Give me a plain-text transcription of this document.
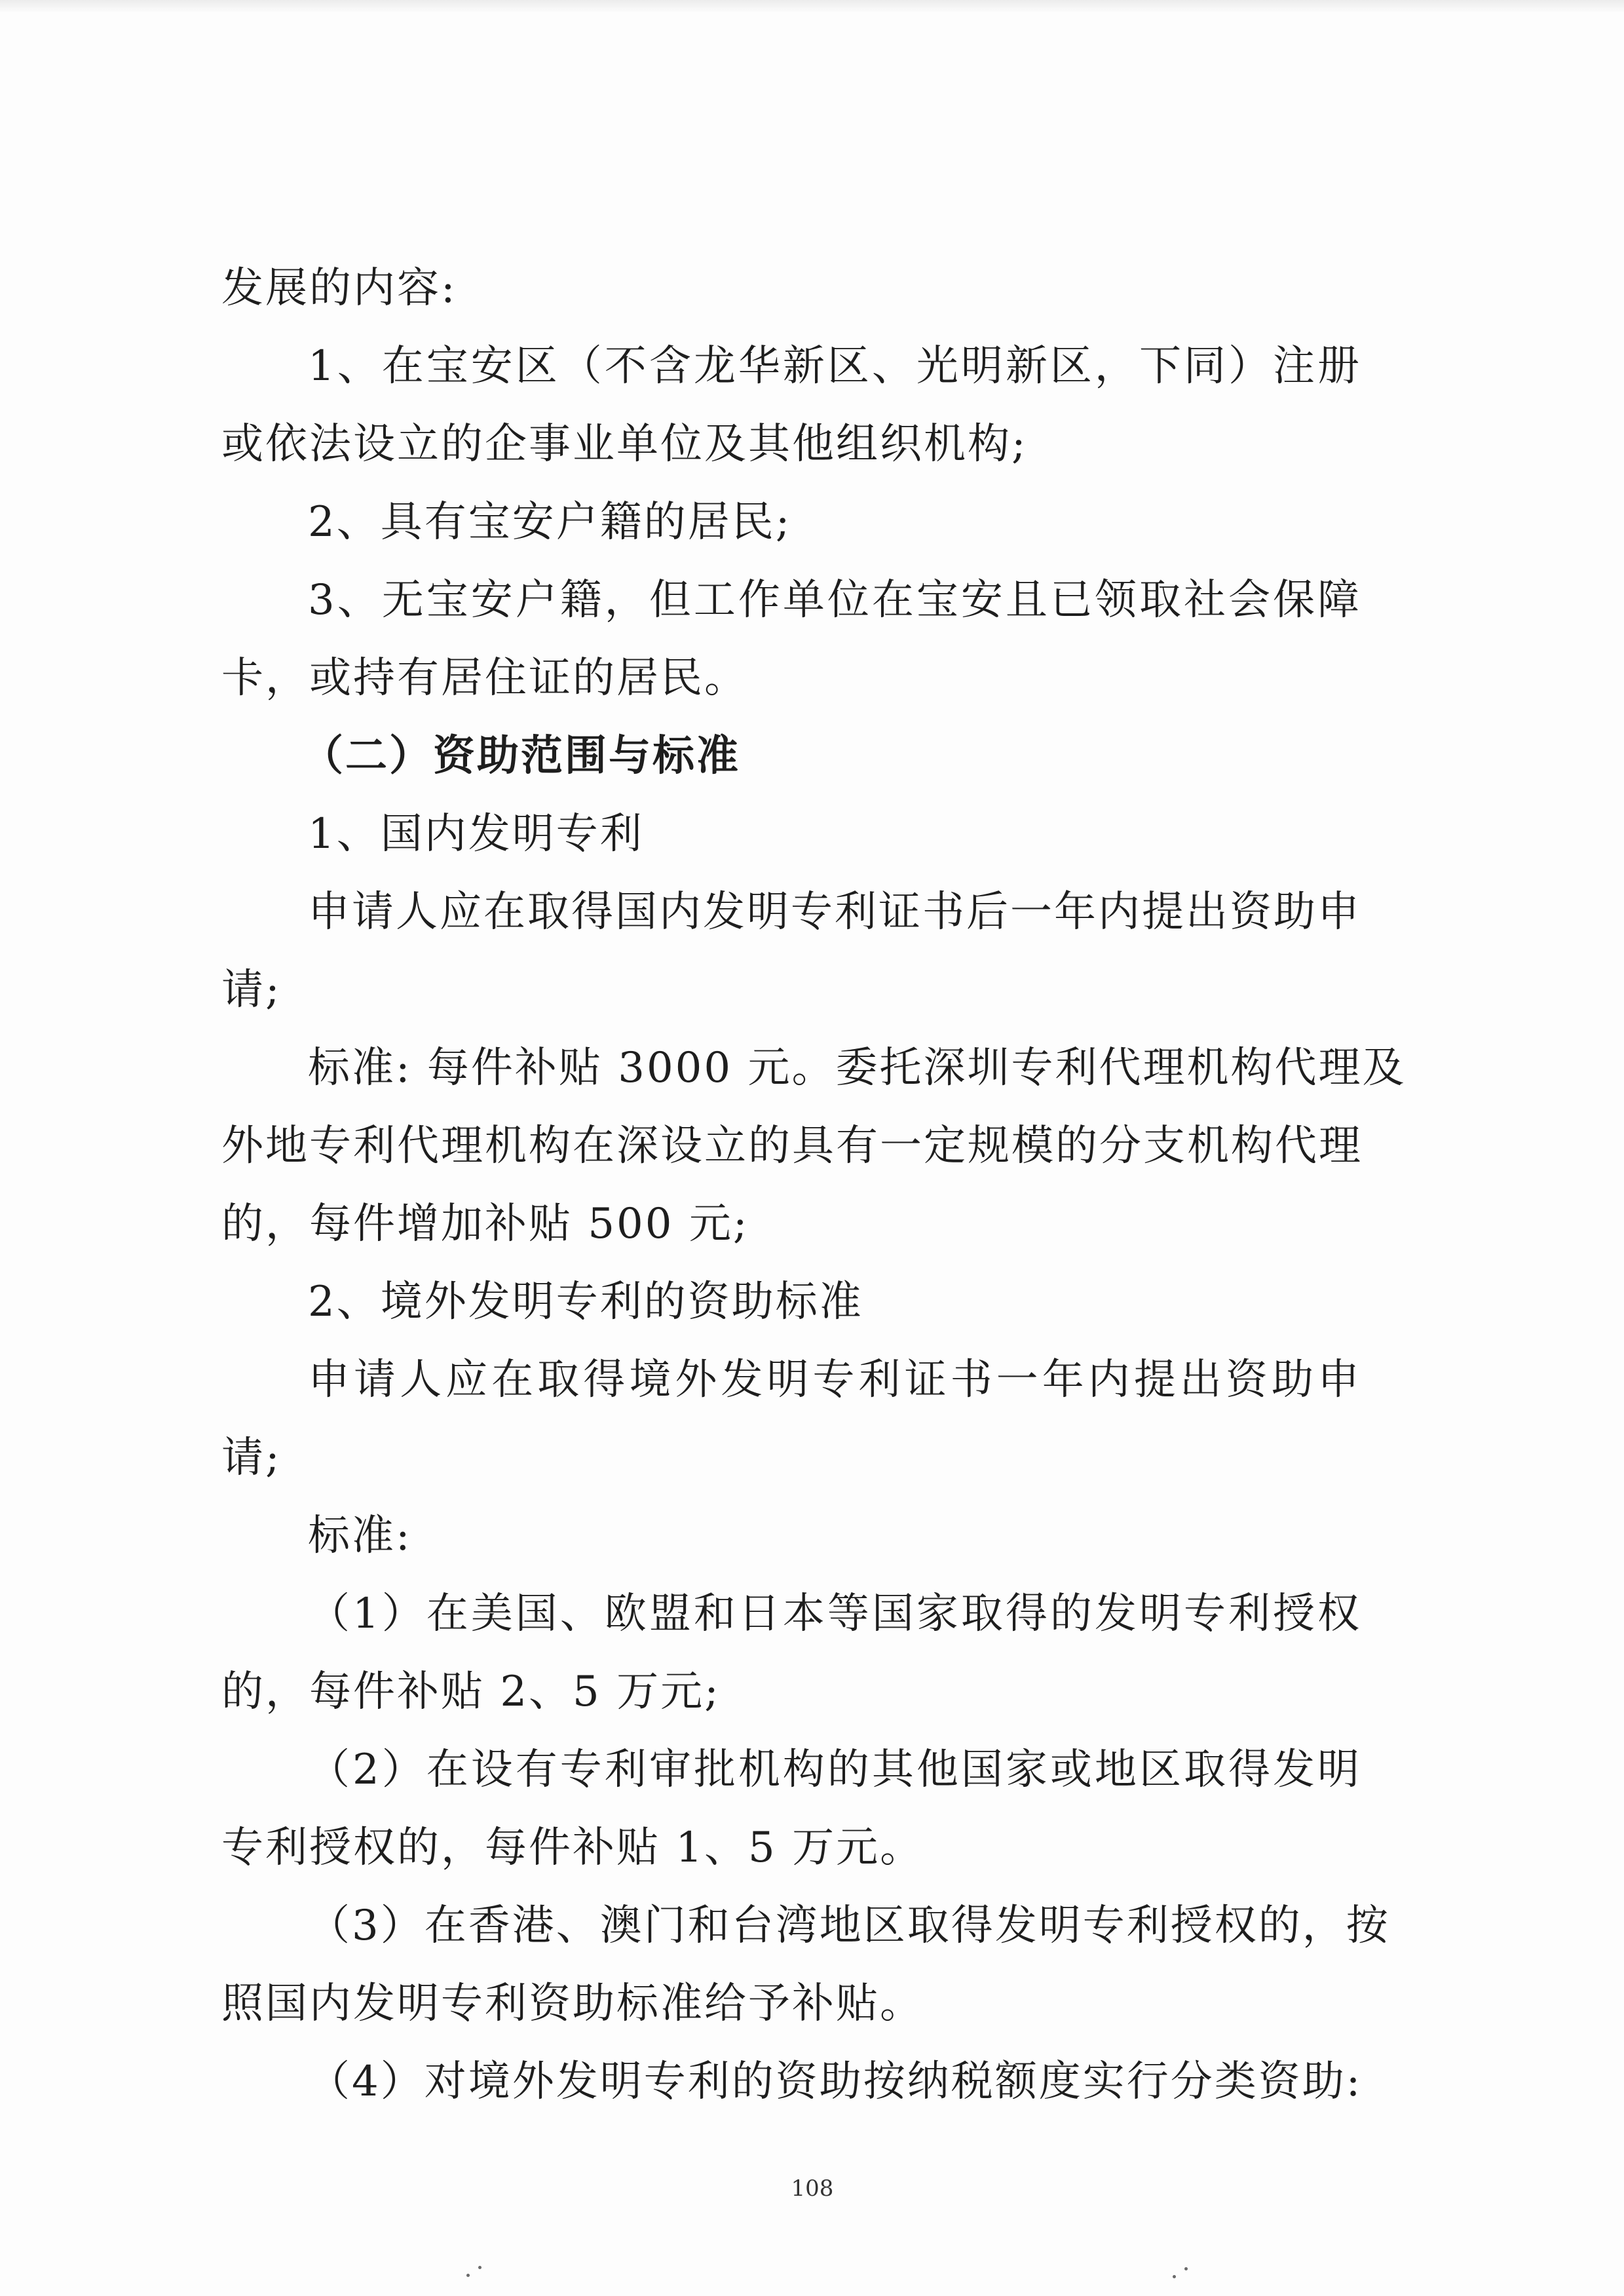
发展的内容:
1、在宝安区（不含龙华新区、光明新区，下同）注册
或依法设立的企事业单位及其他组织机构;
2、具有宝安户籍的居民;
3、无宝安户籍，但工作单位在宝安且已领取社会保障
卡，或持有居住证的居民。
（二）资助范围与标准
1、国内发明专利
申请人应在取得国内发明专利证书后一年内提出资助申
请;
标准: 每件补贴 3000 元。委托深圳专利代理机构代理及
外地专利代理机构在深设立的具有一定规模的分支机构代理
的，每件增加补贴 500 元;
2、境外发明专利的资助标准
申请人应在取得境外发明专利证书一年内提出资助申
请;
标准:
（1）在美国、欧盟和日本等国家取得的发明专利授权
的，每件补贴 2、5 万元;
（2）在设有专利审批机构的其他国家或地区取得发明
专利授权的，每件补贴 1、5 万元。
（3）在香港、澳门和台湾地区取得发明专利授权的，按
照国内发明专利资助标准给予补贴。
（4）对境外发明专利的资助按纳税额度实行分类资助:
108
